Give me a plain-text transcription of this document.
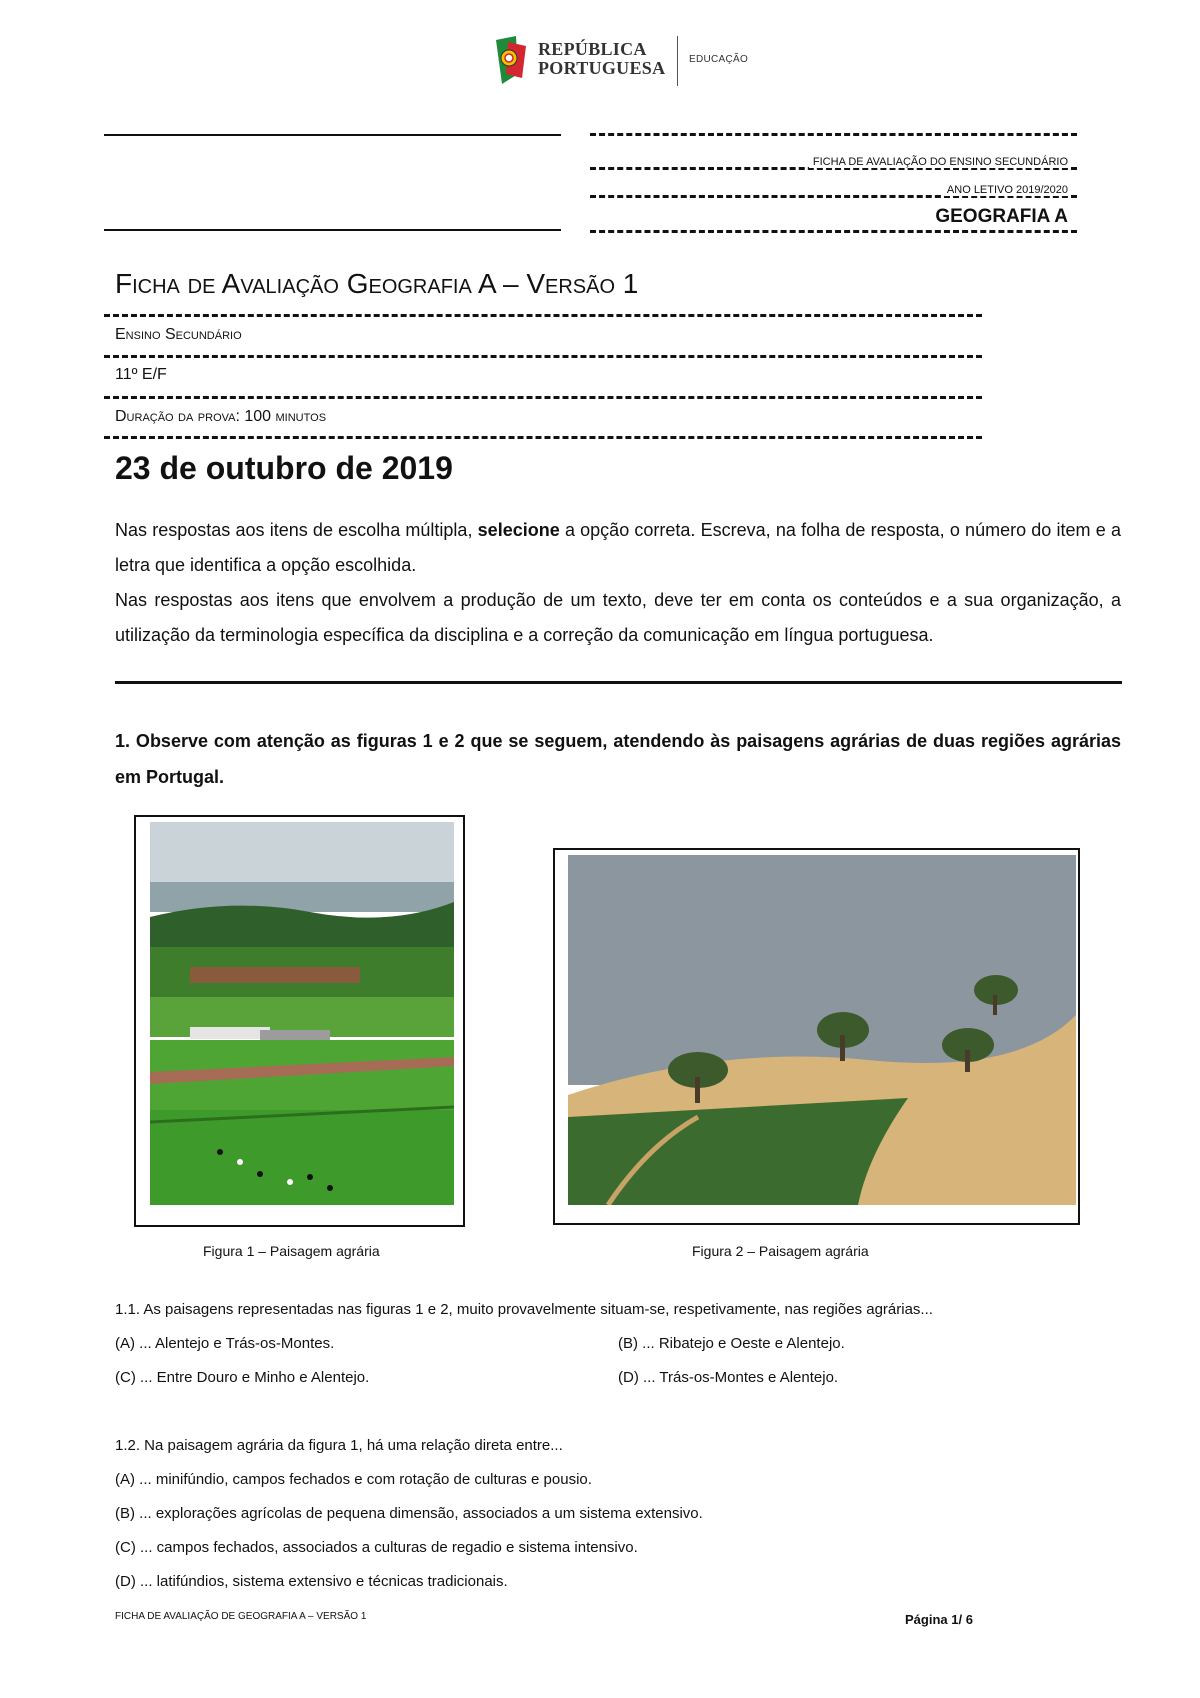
REPÚBLICA
PORTUGUESA EDUCAÇÃO
FICHA DE AVALIAÇÃO DO ENSINO SECUNDÁRIO
ANO LETIVO 2019/2020
GEOGRAFIA A
Ficha de Avaliação Geografia A – Versão 1
Ensino Secundário
11º E/F
Duração da prova: 100 minutos
23 de outubro de 2019

Nas respostas aos itens de escolha múltipla, selecione a opção correta. Escreva, na folha de resposta, o número do item e a letra que identifica a opção escolhida.

Nas respostas aos itens que envolvem a produção de um texto, deve ter em conta os conteúdos e a sua organização, a utilização da terminologia específica da disciplina e a correção da comunicação em língua portuguesa.

1. Observe com atenção as figuras 1 e 2 que se seguem, atendendo às paisagens agrárias de duas regiões agrárias em Portugal.
Figura 1 – Paisagem agrária	Figura 2 – Paisagem agrária
1.1. As paisagens representadas nas figuras 1 e 2, muito provavelmente situam-se, respetivamente, nas regiões agrárias...
(A) ... Alentejo e Trás-os-Montes.	(B) ... Ribatejo e Oeste e Alentejo.
(C) ... Entre Douro e Minho e Alentejo.	(D) ... Trás-os-Montes e Alentejo.
1.2. Na paisagem agrária da figura 1, há uma relação direta entre...
(A) ... minifúndio, campos fechados e com rotação de culturas e pousio.
(B) ... explorações agrícolas de pequena dimensão, associados a um sistema extensivo.
(C) ... campos fechados, associados a culturas de regadio e sistema intensivo.
(D) ... latifúndios, sistema extensivo e técnicas tradicionais.
FICHA DE AVALIAÇÃO DE GEOGRAFIA A – VERSÃO 1	Página 1/ 6
